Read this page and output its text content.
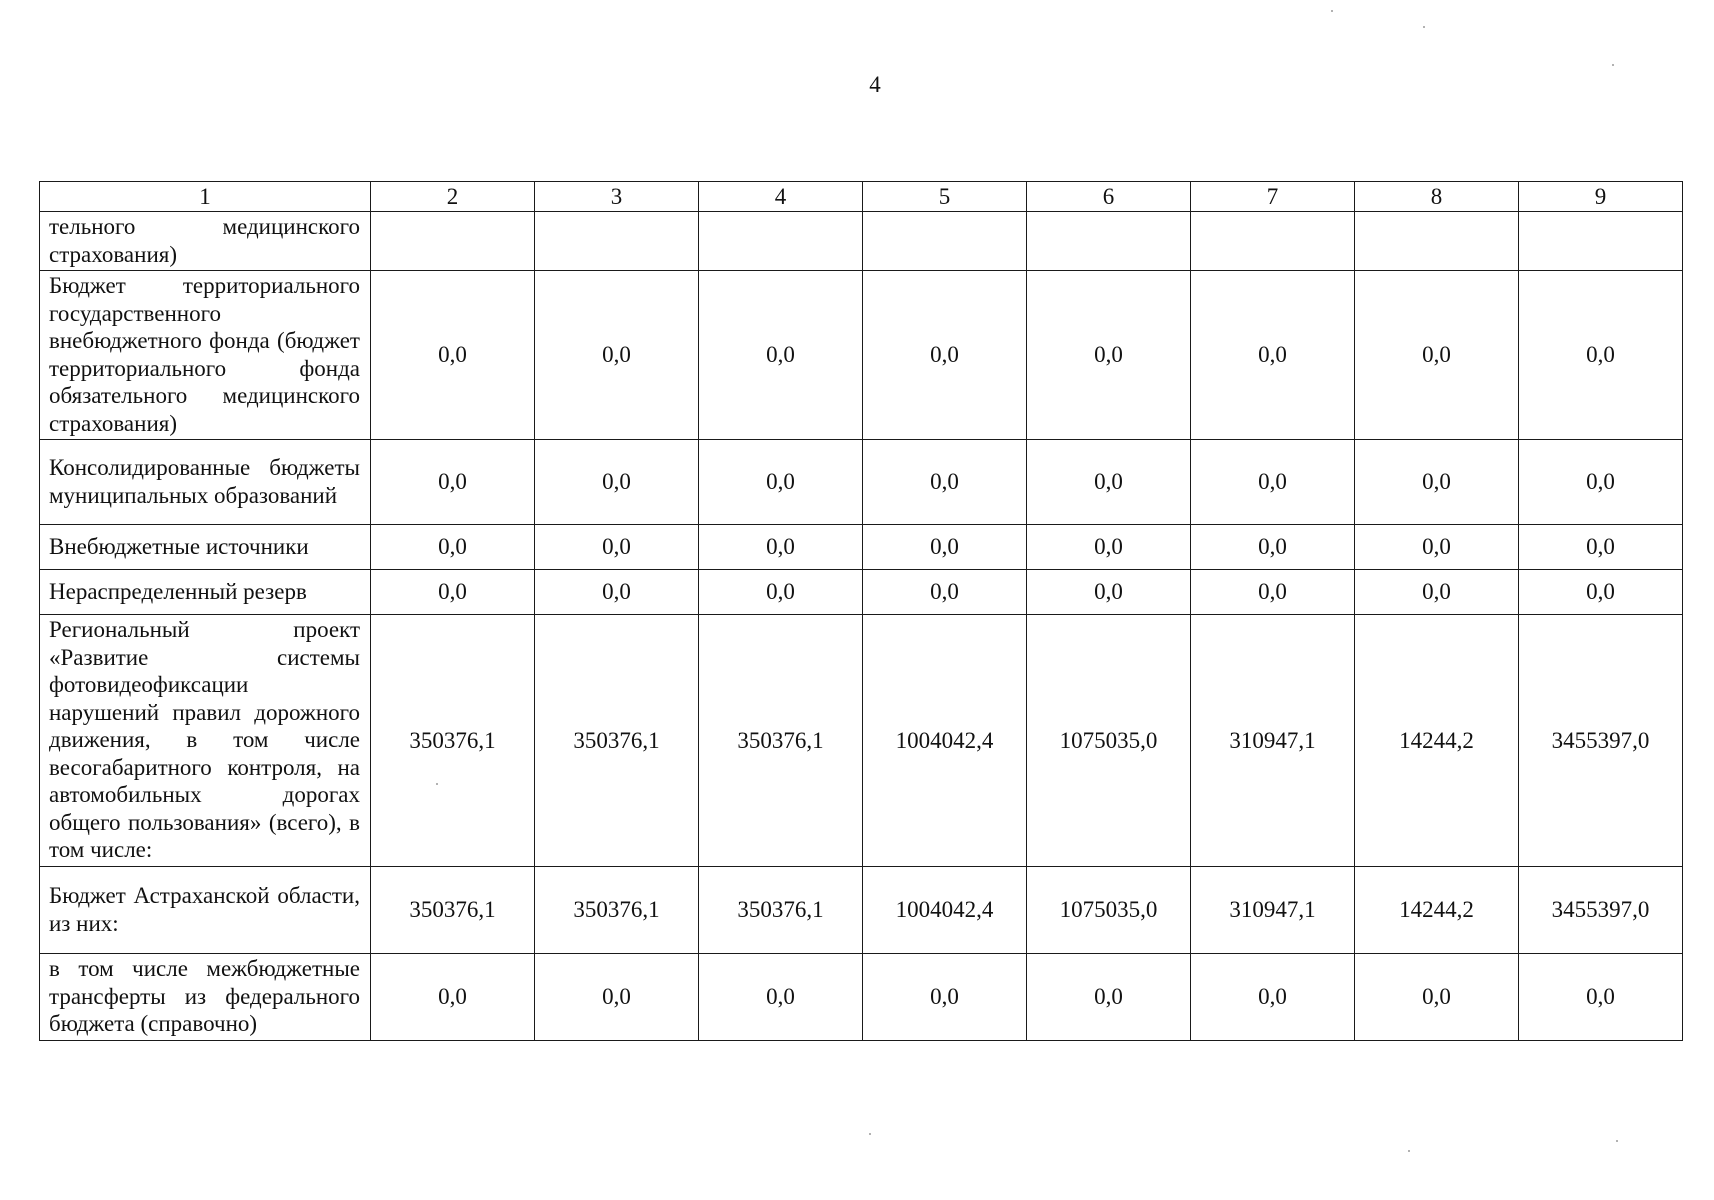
4
1	2	3	4	5	6	7	8	9
тельного медицинского страхования)								
Бюджет территориального государственного внебюджетного фонда (бюджет территориального фонда обязательного медицинского страхования)	0,0	0,0	0,0	0,0	0,0	0,0	0,0	0,0
Консолидированные бюджеты муниципальных образований	0,0	0,0	0,0	0,0	0,0	0,0	0,0	0,0
Внебюджетные источники	0,0	0,0	0,0	0,0	0,0	0,0	0,0	0,0
Нераспределенный резерв	0,0	0,0	0,0	0,0	0,0	0,0	0,0	0,0
Региональный проект «Развитие системы фотовидеофиксации нарушений правил дорожного движения, в том числе весогабаритного контроля, на автомобильных дорогах общего пользования» (всего), в том числе:	350376,1	350376,1	350376,1	1004042,4	1075035,0	310947,1	14244,2	3455397,0
Бюджет Астраханской области, из них:	350376,1	350376,1	350376,1	1004042,4	1075035,0	310947,1	14244,2	3455397,0
в том числе межбюджетные трансферты из федерального бюджета (справочно)	0,0	0,0	0,0	0,0	0,0	0,0	0,0	0,0
